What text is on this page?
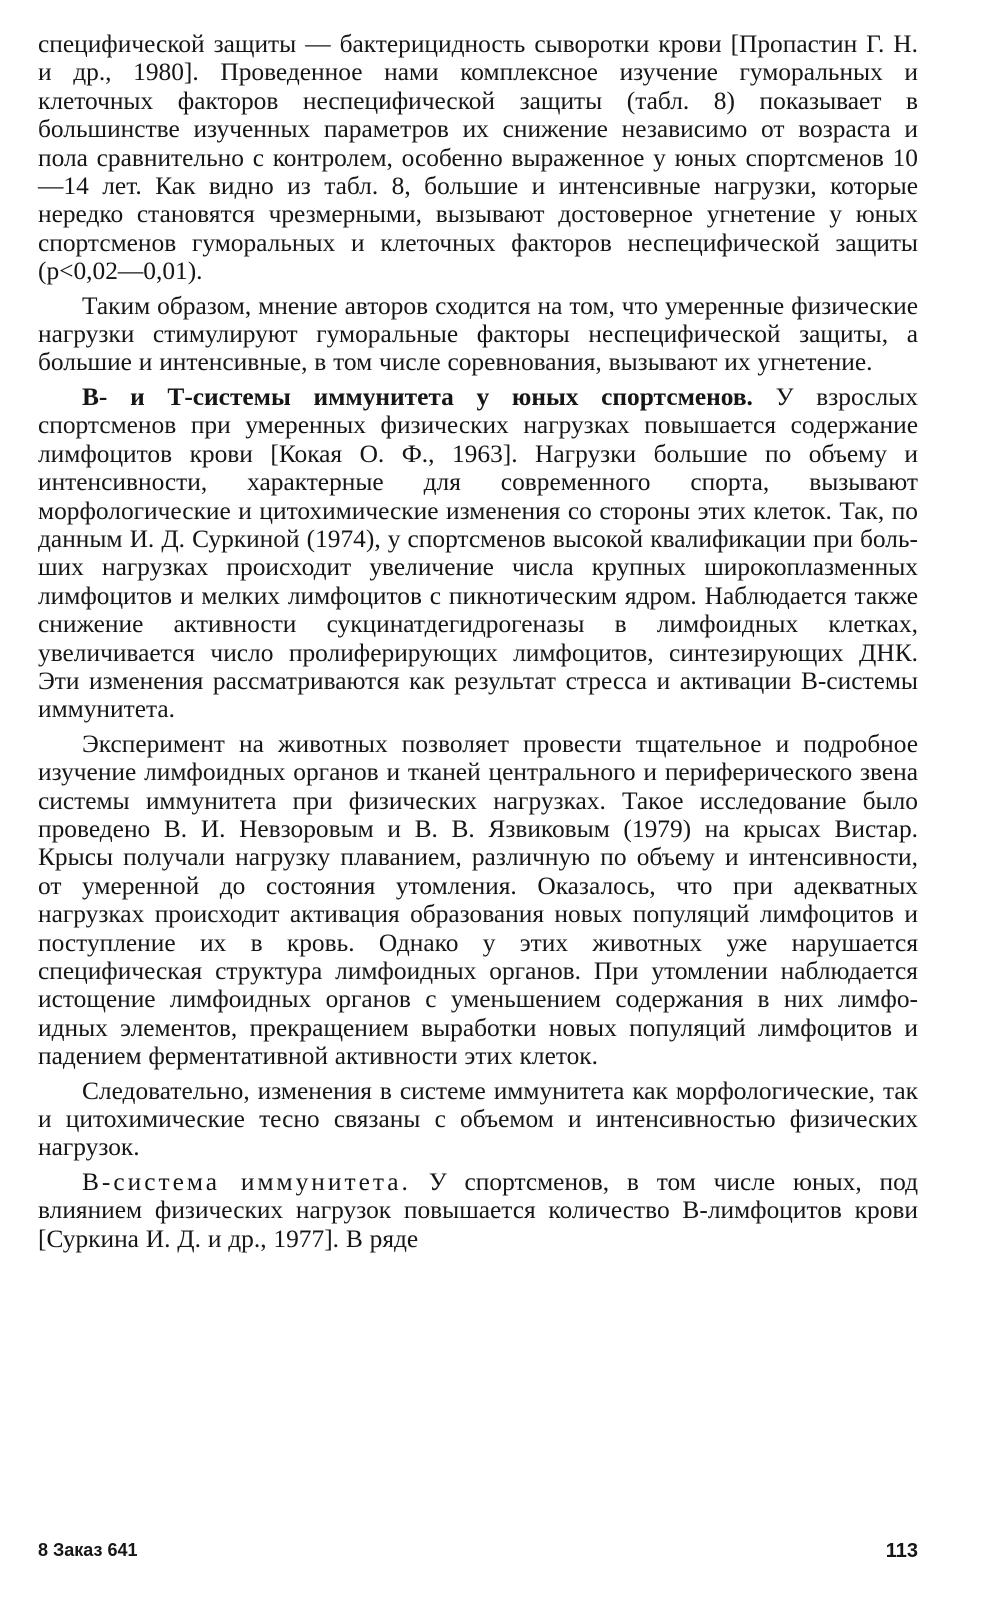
специфической защиты — бактерицидность сыворотки крови [Пропастин Г. Н. и др., 1980]. Проведенное нами комплексное изучение гуморальных и клеточных факторов неспецифической защиты (табл. 8) показывает в большинстве изученных параметров их снижение независимо от возраста и пола сравнительно с контролем, особенно выраженное у юных спортсменов 10—14 лет. Как видно из табл. 8, большие и интенсивные нагрузки, которые нередко становятся чрезмерными, вызывают достоверное угнетение у юных спортсменов гуморальных и клеточных факторов неспецифической защиты (p<0,02—0,01).

Таким образом, мнение авторов сходится на том, что умеренные физические нагрузки стимулируют гуморальные факторы неспецифической защиты, а большие и интенсивные, в том числе соревнования, вызывают их угнетение.

В- и Т-системы иммунитета у юных спортсменов. У взрослых спортсменов при умеренных физических нагрузках повышается содержание лимфоцитов крови [Кокая О. Ф., 1963]. Нагрузки большие по объему и интенсивности, характерные для современного спорта, вызывают морфологические и цитохимические изменения со стороны этих клеток. Так, по данным И. Д. Суркиной (1974), у спортсменов высокой квалификации при больших нагрузках происходит увеличение числа крупных широкоплазменных лимфоцитов и мелких лимфоцитов с пикнотическим ядром. Наблюдается также снижение активности сукцинатдегидрогеназы в лимфоидных клетках, увеличивается число пролиферирующих лимфоцитов, синтезирующих ДНК. Эти изменения рассматриваются как результат стресса и активации В-системы иммунитета.

Эксперимент на животных позволяет провести тщательное и подробное изучение лимфоидных органов и тканей центрального и периферического звена системы иммунитета при физических нагрузках. Такое исследование было проведено В. И. Невзоровым и В. В. Язвиковым (1979) на крысах Вистар. Крысы получали нагрузку плаванием, различную по объему и интенсивности, от умеренной до состояния утомления. Оказалось, что при адекватных нагрузках происходит активация образования новых популяций лимфоцитов и поступление их в кровь. Однако у этих животных уже нарушается специфическая структура лимфоидных органов. При утомлении наблюдается истощение лимфоидных органов с уменьшением содержания в них лимфоидных элементов, прекращением выработки новых популяций лимфоцитов и падением ферментативной активности этих клеток.

Следовательно, изменения в системе иммунитета как морфологические, так и цитохимические тесно связаны с объемом и интенсивностью физических нагрузок.

В-система иммунитета. У спортсменов, в том числе юных, под влиянием физических нагрузок повышается количество В-лимфоцитов крови [Суркина И. Д. и др., 1977]. В ряде

8 Заказ 641	113
